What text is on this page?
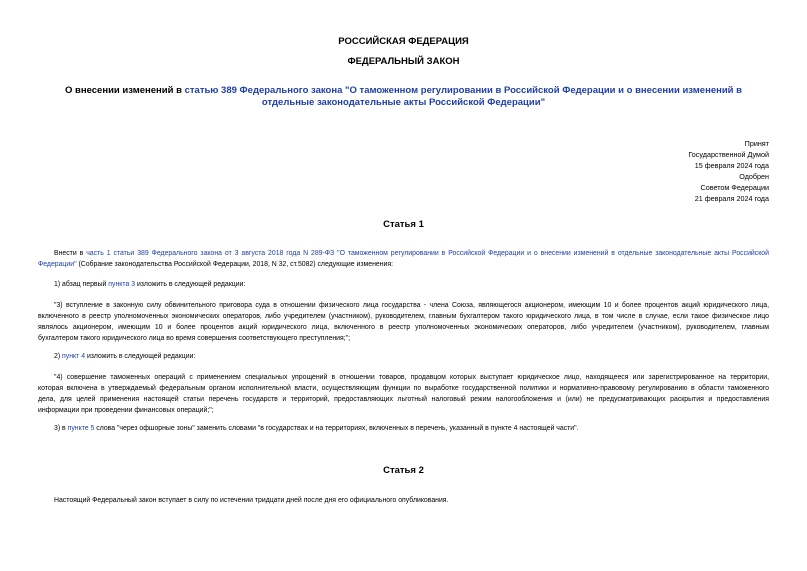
РОССИЙСКАЯ ФЕДЕРАЦИЯ
ФЕДЕРАЛЬНЫЙ ЗАКОН
О внесении изменений в статью 389 Федерального закона "О таможенном регулировании в Российской Федерации и о внесении изменений в отдельные законодательные акты Российской Федерации"
Принят
Государственной Думой
15 февраля 2024 года
Одобрен
Советом Федерации
21 февраля 2024 года
Статья 1
Внести в часть 1 статьи 389 Федерального закона от 3 августа 2018 года N 289-ФЗ "О таможенном регулировании в Российской Федерации и о внесении изменений в отдельные законодательные акты Российской Федерации" (Собрание законодательства Российской Федерации, 2018, N 32, ст.5082) следующие изменения:
1) абзац первый пункта 3 изложить в следующей редакции:
"3) вступление в законную силу обвинительного приговора суда в отношении физического лица государства - члена Союза, являющегося акционером, имеющим 10 и более процентов акций юридического лица,
включенного в реестр уполномоченных экономических операторов, либо учредителем (участником), руководителем, главным бухгалтером такого юридического лица, в том числе в случае, если такое физическое лицо
являлось акционером, имеющим 10 и более процентов акций юридического лица, включенного в реестр уполномоченных экономических операторов, либо учредителем (участником), руководителем, главным
бухгалтером такого юридического лица во время совершения соответствующего преступления;";
2) пункт 4 изложить в следующей редакции:
"4) совершение таможенных операций с применением специальных упрощений в отношении товаров, продавцом которых выступает юридическое лицо, находящееся или зарегистрированное на территории,
которая включена в утверждаемый федеральным органом исполнительной власти, осуществляющим функции по выработке государственной политики и нормативно-правовому регулированию в области таможенного
дела, для целей применения настоящей статьи перечень государств и территорий, предоставляющих льготный налоговый режим налогообложения и (или) не предусматривающих раскрытия и предоставления
информации при проведении финансовых операций;";
3) в пункте 5 слова "через офшорные зоны" заменить словами "в государствах и на территориях, включенных в перечень, указанный в пункте 4 настоящей части".
Статья 2
Настоящий Федеральный закон вступает в силу по истечении тридцати дней после дня его официального опубликования.
